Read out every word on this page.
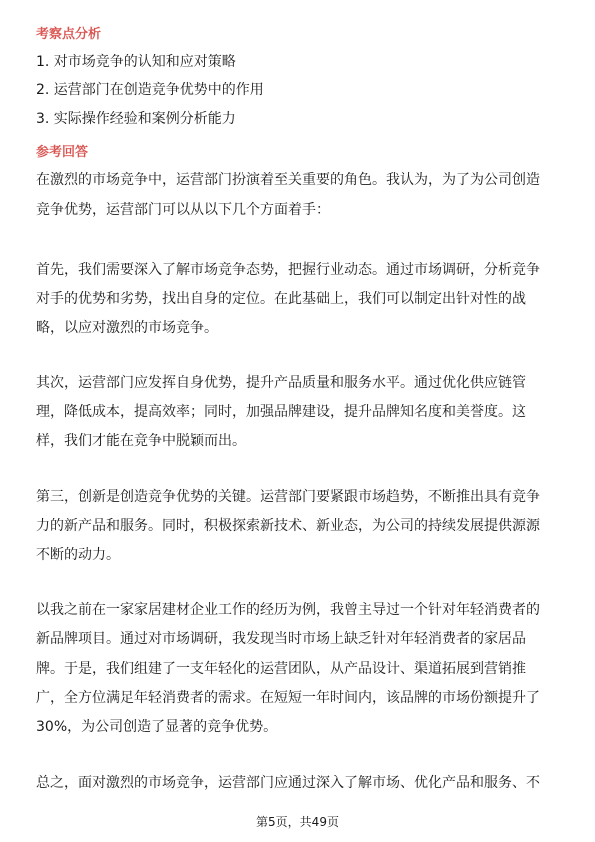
考察点分析
1. 对市场竞争的认知和应对策略
2. 运营部门在创造竞争优势中的作用
3. 实际操作经验和案例分析能力
参考回答
在激烈的市场竞争中，运营部门扮演着至关重要的角色。我认为，为了为公司创造
竞争优势，运营部门可以从以下几个方面着手：
首先，我们需要深入了解市场竞争态势，把握行业动态。通过市场调研，分析竞争
对手的优势和劣势，找出自身的定位。在此基础上，我们可以制定出针对性的战
略，以应对激烈的市场竞争。
其次，运营部门应发挥自身优势，提升产品质量和服务水平。通过优化供应链管
理，降低成本，提高效率；同时，加强品牌建设，提升品牌知名度和美誉度。这
样，我们才能在竞争中脱颖而出。
第三，创新是创造竞争优势的关键。运营部门要紧跟市场趋势，不断推出具有竞争
力的新产品和服务。同时，积极探索新技术、新业态，为公司的持续发展提供源源
不断的动力。
以我之前在一家家居建材企业工作的经历为例，我曾主导过一个针对年轻消费者的
新品牌项目。通过对市场调研，我发现当时市场上缺乏针对年轻消费者的家居品
牌。于是，我们组建了一支年轻化的运营团队，从产品设计、渠道拓展到营销推
广，全方位满足年轻消费者的需求。在短短一年时间内，该品牌的市场份额提升了
30%，为公司创造了显著的竞争优势。
总之，面对激烈的市场竞争，运营部门应通过深入了解市场、优化产品和服务、不
第5页，共49页
